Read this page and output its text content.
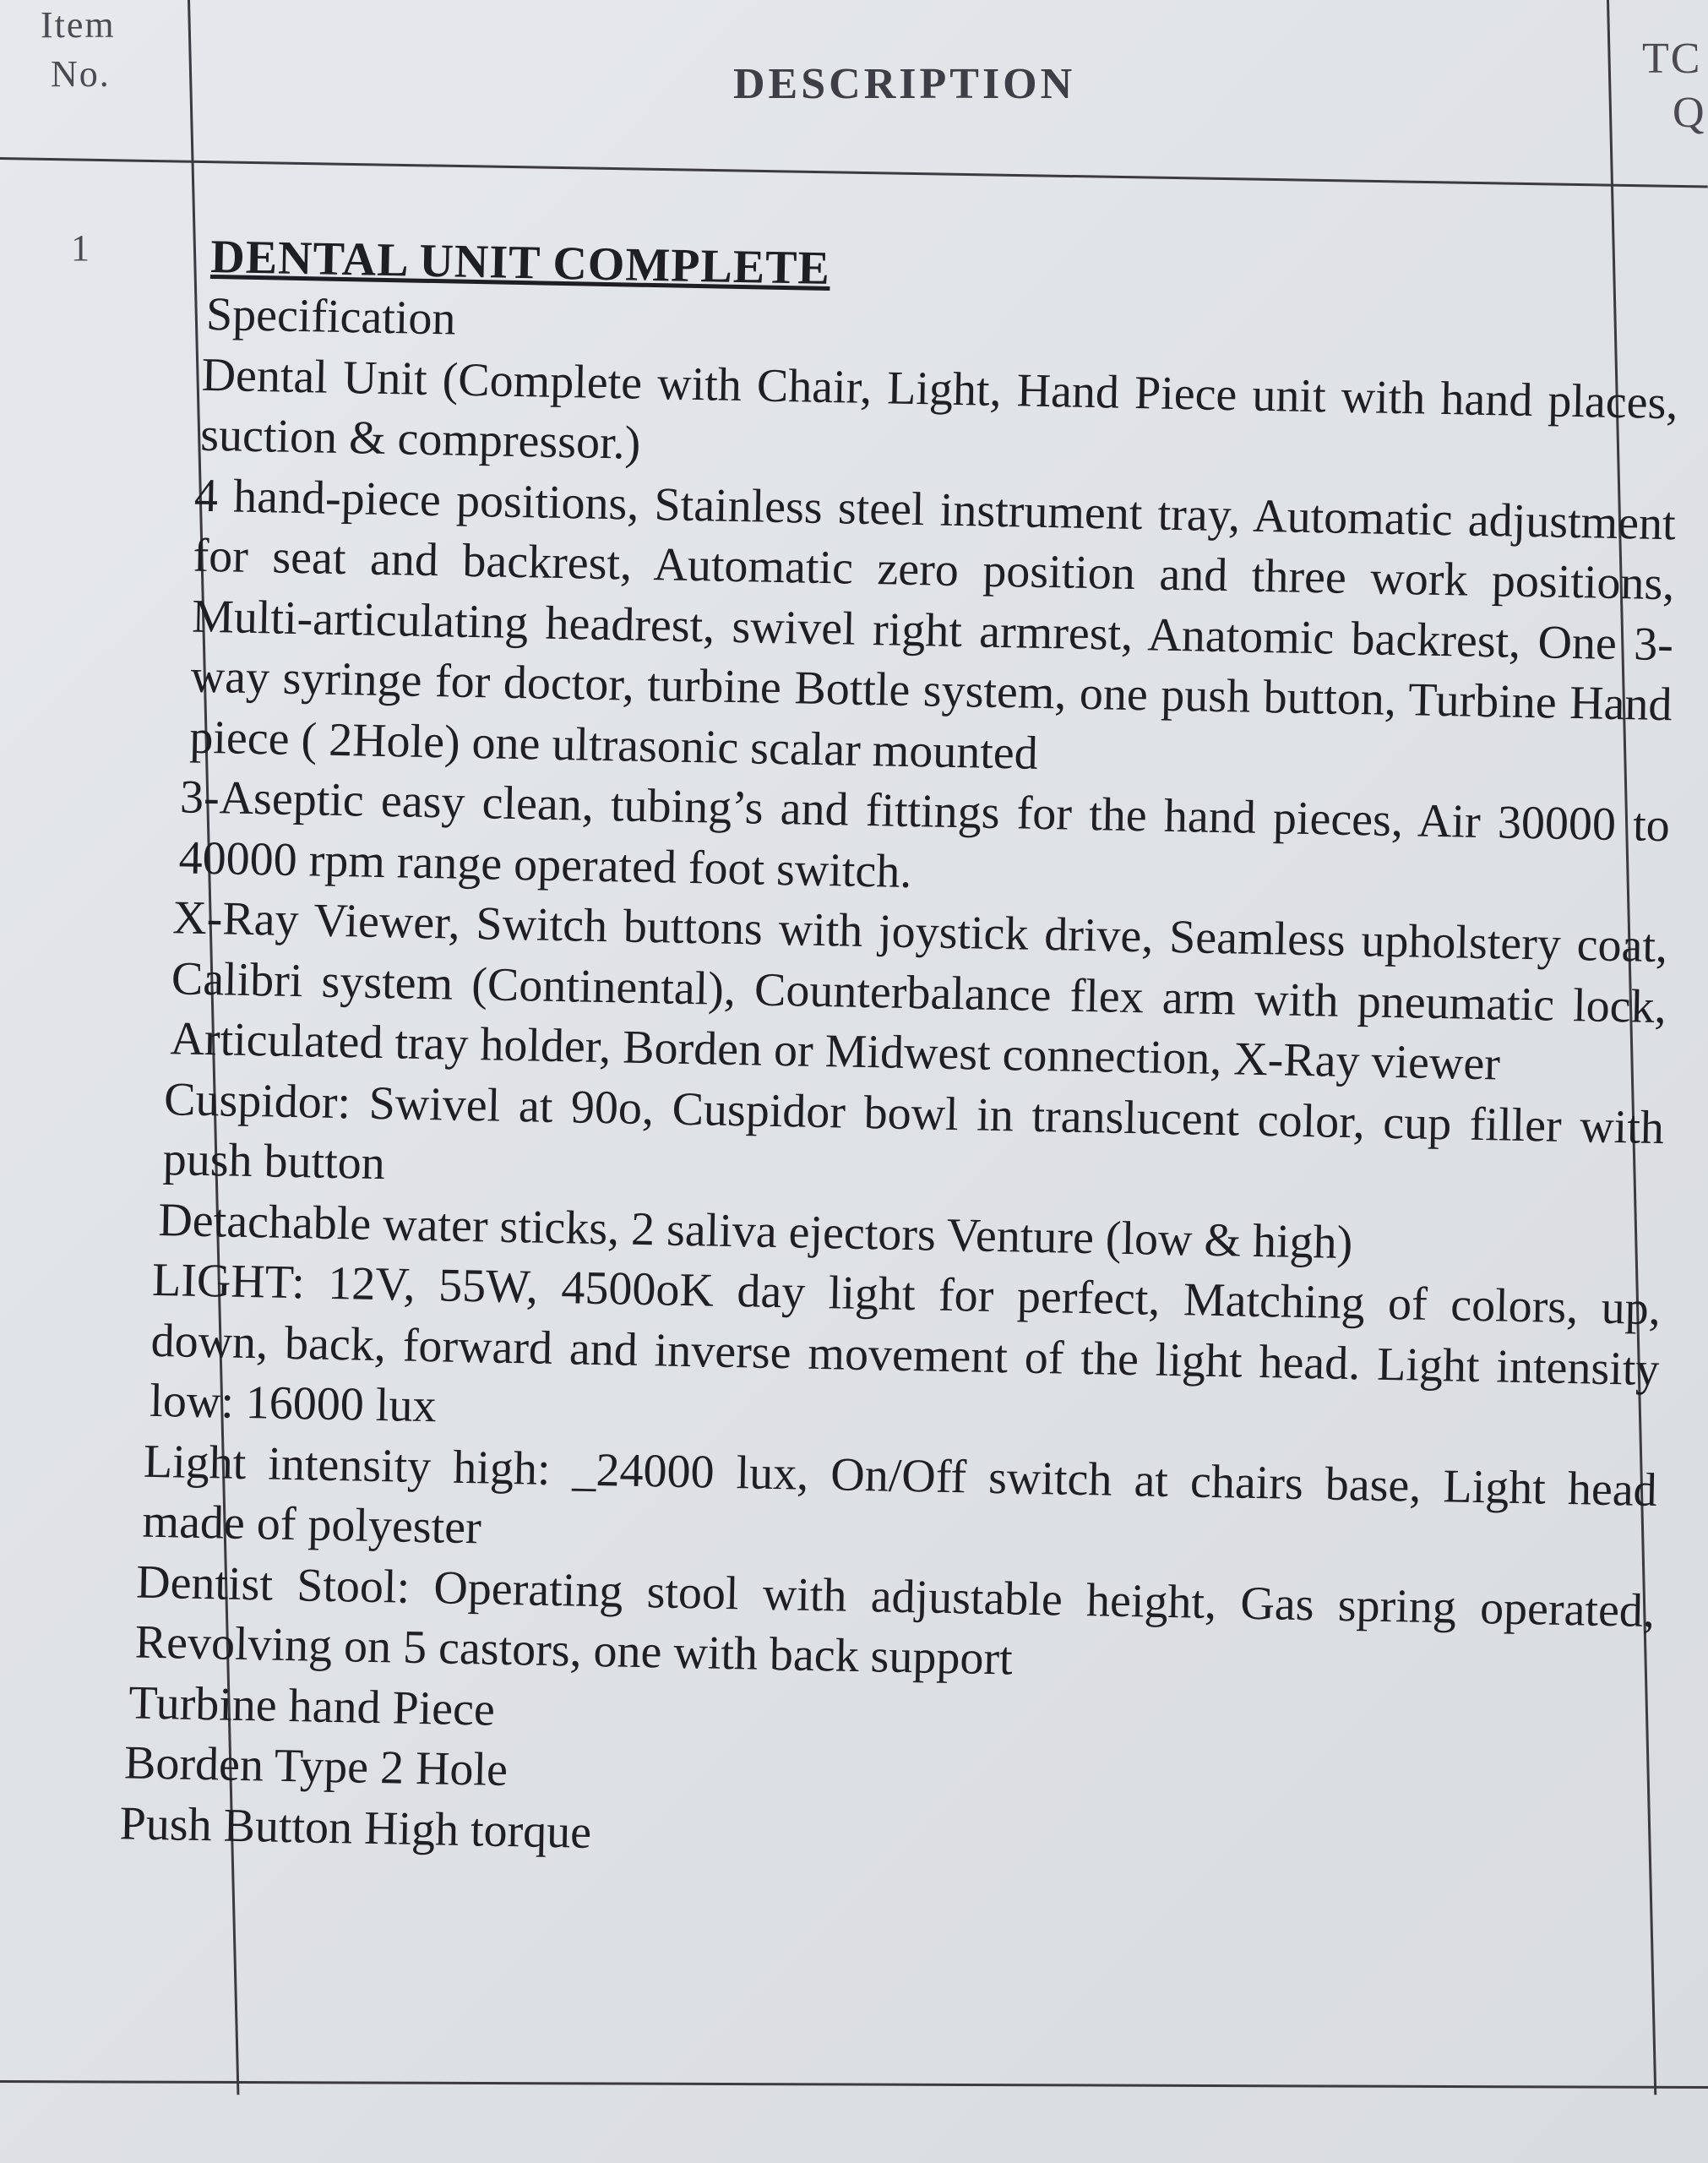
Item
No.	DESCRIPTION
TC
Q
1	DENTAL UNIT COMPLETE

Specification

Dental Unit (Complete with Chair, Light, Hand Piece unit with hand places, suction & compressor.)

4 hand-piece positions, Stainless steel instrument tray, Automatic adjustment for seat and backrest, Automatic zero position and three work positions, Multi-articulating headrest, swivel right armrest, Anatomic backrest, One 3-way syringe for doctor, turbine Bottle system, one push button, Turbine Hand piece ( 2Hole) one ultrasonic scalar mounted

3-Aseptic easy clean, tubing’s and fittings for the hand pieces, Air 30000 to 40000 rpm range operated foot switch.

X-Ray Viewer, Switch buttons with joystick drive, Seamless upholstery coat, Calibri system (Continental), Counterbalance flex arm with pneumatic lock, Articulated tray holder, Borden or Midwest connection, X-Ray viewer

Cuspidor: Swivel at 90o, Cuspidor bowl in translucent color, cup filler with push button

Detachable water sticks, 2 saliva ejectors Venture (low & high)

LIGHT: 12V, 55W, 4500oK day light for perfect, Matching of colors, up, down, back, forward and inverse movement of the light head. Light intensity low: 16000 lux

Light intensity high: _24000 lux, On/Off switch at chairs base, Light head made of polyester

Dentist Stool: Operating stool with adjustable height, Gas spring operated, Revolving on 5 castors, one with back support

Turbine hand Piece

Borden Type 2 Hole

Push Button High torque
